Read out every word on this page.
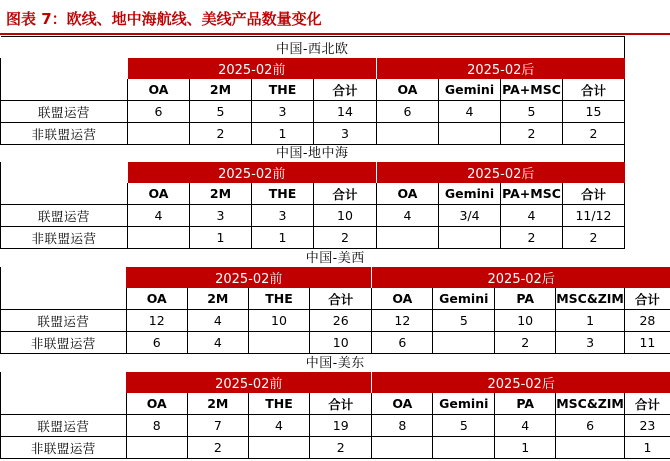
图表 7：欧线、地中海航线、美线产品数量变化
中国-西北欧								
	2025-02前				2025-02后			
	OA	2M	THE	合计	OA	Gemini	PA+MSC	合计
联盟运营	6	5	3	14	6	4	5	15
非联盟运营		2	1	3			2	2
中国-地中海								
	2025-02前				2025-02后			
	OA	2M	THE	合计	OA	Gemini	PA+MSC	合计
联盟运营	4	3	3	10	4	3/4	4	11/12
非联盟运营		1	1	2			2	2
中国-美西									
	2025-02前				2025-02后				
	OA	2M	THE	合计	OA	Gemini	PA	MSC&ZIM	合计
联盟运营	12	4	10	26	12	5	10	1	28
非联盟运营	6	4		10	6		2	3	11
中国-美东									
	2025-02前				2025-02后				
	OA	2M	THE	合计	OA	Gemini	PA	MSC&ZIM	合计
联盟运营	8	7	4	19	8	5	4	6	23
非联盟运营		2		2			1		1
